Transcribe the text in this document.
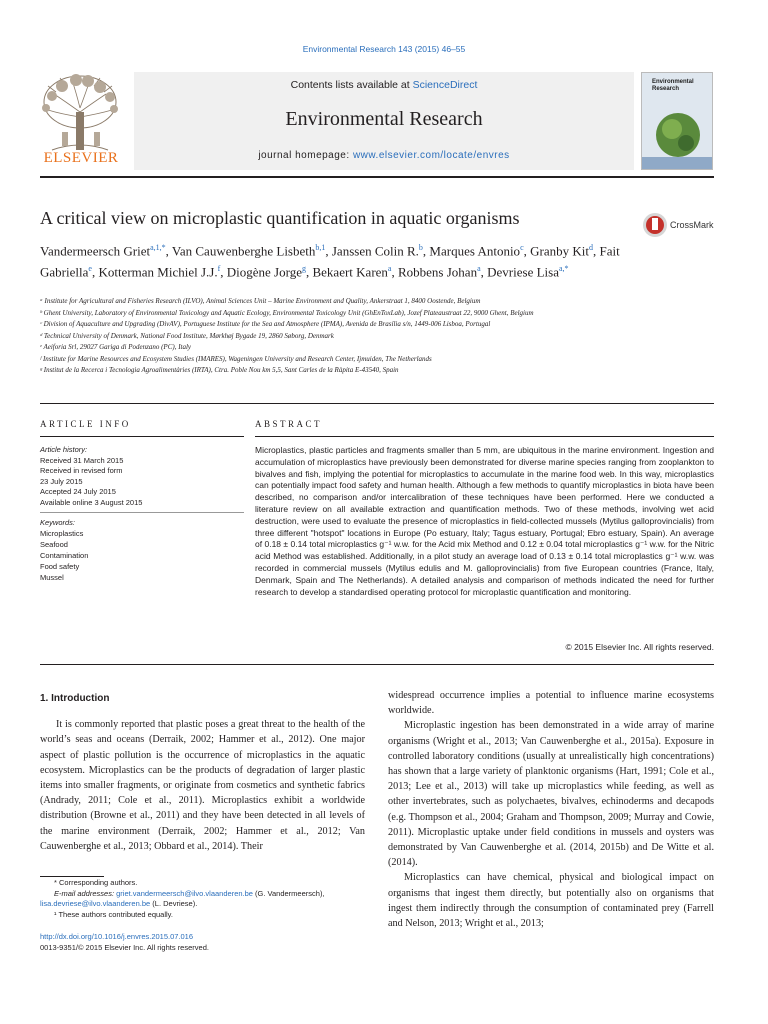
Environmental Research 143 (2015) 46–55
ELSEVIER
Contents lists available at ScienceDirect
Environmental Research
journal homepage: www.elsevier.com/locate/envres
Environmental
Research
A critical view on microplastic quantification in aquatic organisms	CrossMark
Vandermeersch Griet$^{a,1,*}$, Van Cauwenberghe Lisbeth$^{b,1}$, Janssen Colin R.$^b$, Marques Antonio$^c$, Granby Kit$^d$, Fait Gabriella$^e$, Kotterman Michiel J.J.$^f$, Diogène Jorge$^g$, Bekaert Karen$^a$, Robbens Johan$^a$, Devriese Lisa$^{a,*}$
ᵃ Institute for Agricultural and Fisheries Research (ILVO), Animal Sciences Unit – Marine Environment and Quality, Ankerstraat 1, 8400 Oostende, Belgium
ᵇ Ghent University, Laboratory of Environmental Toxicology and Aquatic Ecology, Environmental Toxicology Unit (GhEnToxLab), Jozef Plateaustraat 22, 9000 Ghent, Belgium
ᶜ Division of Aquaculture and Upgrading (DivAV), Portuguese Institute for the Sea and Atmosphere (IPMA), Avenida de Brasília s/n, 1449-006 Lisboa, Portugal
ᵈ Technical University of Denmark, National Food Institute, Mørkhøj Bygade 19, 2860 Søborg, Denmark
ᵉ Aeiforia Srl, 29027 Gariga di Podenzano (PC), Italy
ᶠ Institute for Marine Resources and Ecosystem Studies (IMARES), Wageningen University and Research Center, Ijmuiden, The Netherlands
ᵍ Institut de la Recerca i Tecnologia Agroalimentàries (IRTA), Ctra. Poble Nou km 5,5, Sant Carles de la Ràpita E-43540, Spain
ARTICLE INFO	ABSTRACT
Article history:
Received 31 March 2015
Received in revised form
23 July 2015
Accepted 24 July 2015
Available online 3 August 2015
Keywords:
Microplastics
Seafood
Contamination
Food safety
Mussel

Microplastics, plastic particles and fragments smaller than 5 mm, are ubiquitous in the marine environment. Ingestion and accumulation of microplastics have previously been demonstrated for diverse marine species ranging from zooplankton to bivalves and fish, implying the potential for microplastics to accumulate in the marine food web. In this way, microplastics can potentially impact food safety and human health. Although a few methods to quantify microplastics in biota have been described, no comparison and/or intercalibration of these techniques have been performed. Here we conducted a literature review on all available extraction and quantification methods. Two of these methods, involving wet acid destruction, were used to evaluate the presence of microplastics in field-collected mussels (Mytilus galloprovincialis) from three different "hotspot" locations in Europe (Po estuary, Italy; Tagus estuary, Portugal; Ebro estuary, Spain). An average of 0.18 ± 0.14 total microplastics g⁻¹ w.w. for the Acid mix Method and 0.12 ± 0.04 total microplastics g⁻¹ w.w. for the Nitric acid Method was established. Additionally, in a pilot study an average load of 0.13 ± 0.14 total microplastics g⁻¹ w.w. was recorded in commercial mussels (Mytilus edulis and M. galloprovincialis) from five European countries (France, Italy, Denmark, Spain and The Netherlands). A detailed analysis and comparison of methods indicated the need for further research to develop a standardised operating protocol for microplastic quantification and monitoring.

© 2015 Elsevier Inc. All rights reserved.

1. Introduction

It is commonly reported that plastic poses a great threat to the health of the world’s seas and oceans (Derraik, 2002; Hammer et al., 2012). One major aspect of plastic pollution is the occurrence of microplastics in the aquatic ecosystem. Microplastics can be the products of degradation of larger plastic items into smaller fragments, or originate from cosmetics and synthetic fabrics (Andrady, 2011; Cole et al., 2011). Microplastics exhibit a worldwide distribution (Browne et al., 2011) and they have been detected in all levels of the marine environment (Derraik, 2002; Hammer et al., 2012; Van Cauwenberghe et al., 2013; Obbard et al., 2014). Their

widespread occurrence implies a potential to influence marine ecosystems worldwide.

Microplastic ingestion has been demonstrated in a wide array of marine organisms (Wright et al., 2013; Van Cauwenberghe et al., 2015a). Exposure in controlled laboratory conditions (usually at unrealistically high concentrations) has shown that a large variety of planktonic organisms (Hart, 1991; Cole et al., 2013; Lee et al., 2013) will take up microplastics while feeding, as well as other invertebrates, such as polychaetes, bivalves, echinoderms and decapods (e.g. Thompson et al., 2004; Graham and Thompson, 2009; Murray and Cowie, 2011). Microplastic uptake under field conditions in mussels and oysters was demonstrated by Van Cauwenberghe et al. (2014, 2015b) and De Witte et al. (2014).

Microplastics can have chemical, physical and biological impact on organisms that ingest them directly, but potentially also on organisms that ingest them indirectly through the consumption of contaminated prey (Farrell and Nelson, 2013; Wright et al., 2013;

* Corresponding authors.
E-mail addresses: griet.vandermeersch@ilvo.vlaanderen.be (G. Vandermeersch),
lisa.devriese@ilvo.vlaanderen.be (L. Devriese).
¹ These authors contributed equally.
http://dx.doi.org/10.1016/j.envres.2015.07.016
0013-9351/© 2015 Elsevier Inc. All rights reserved.
